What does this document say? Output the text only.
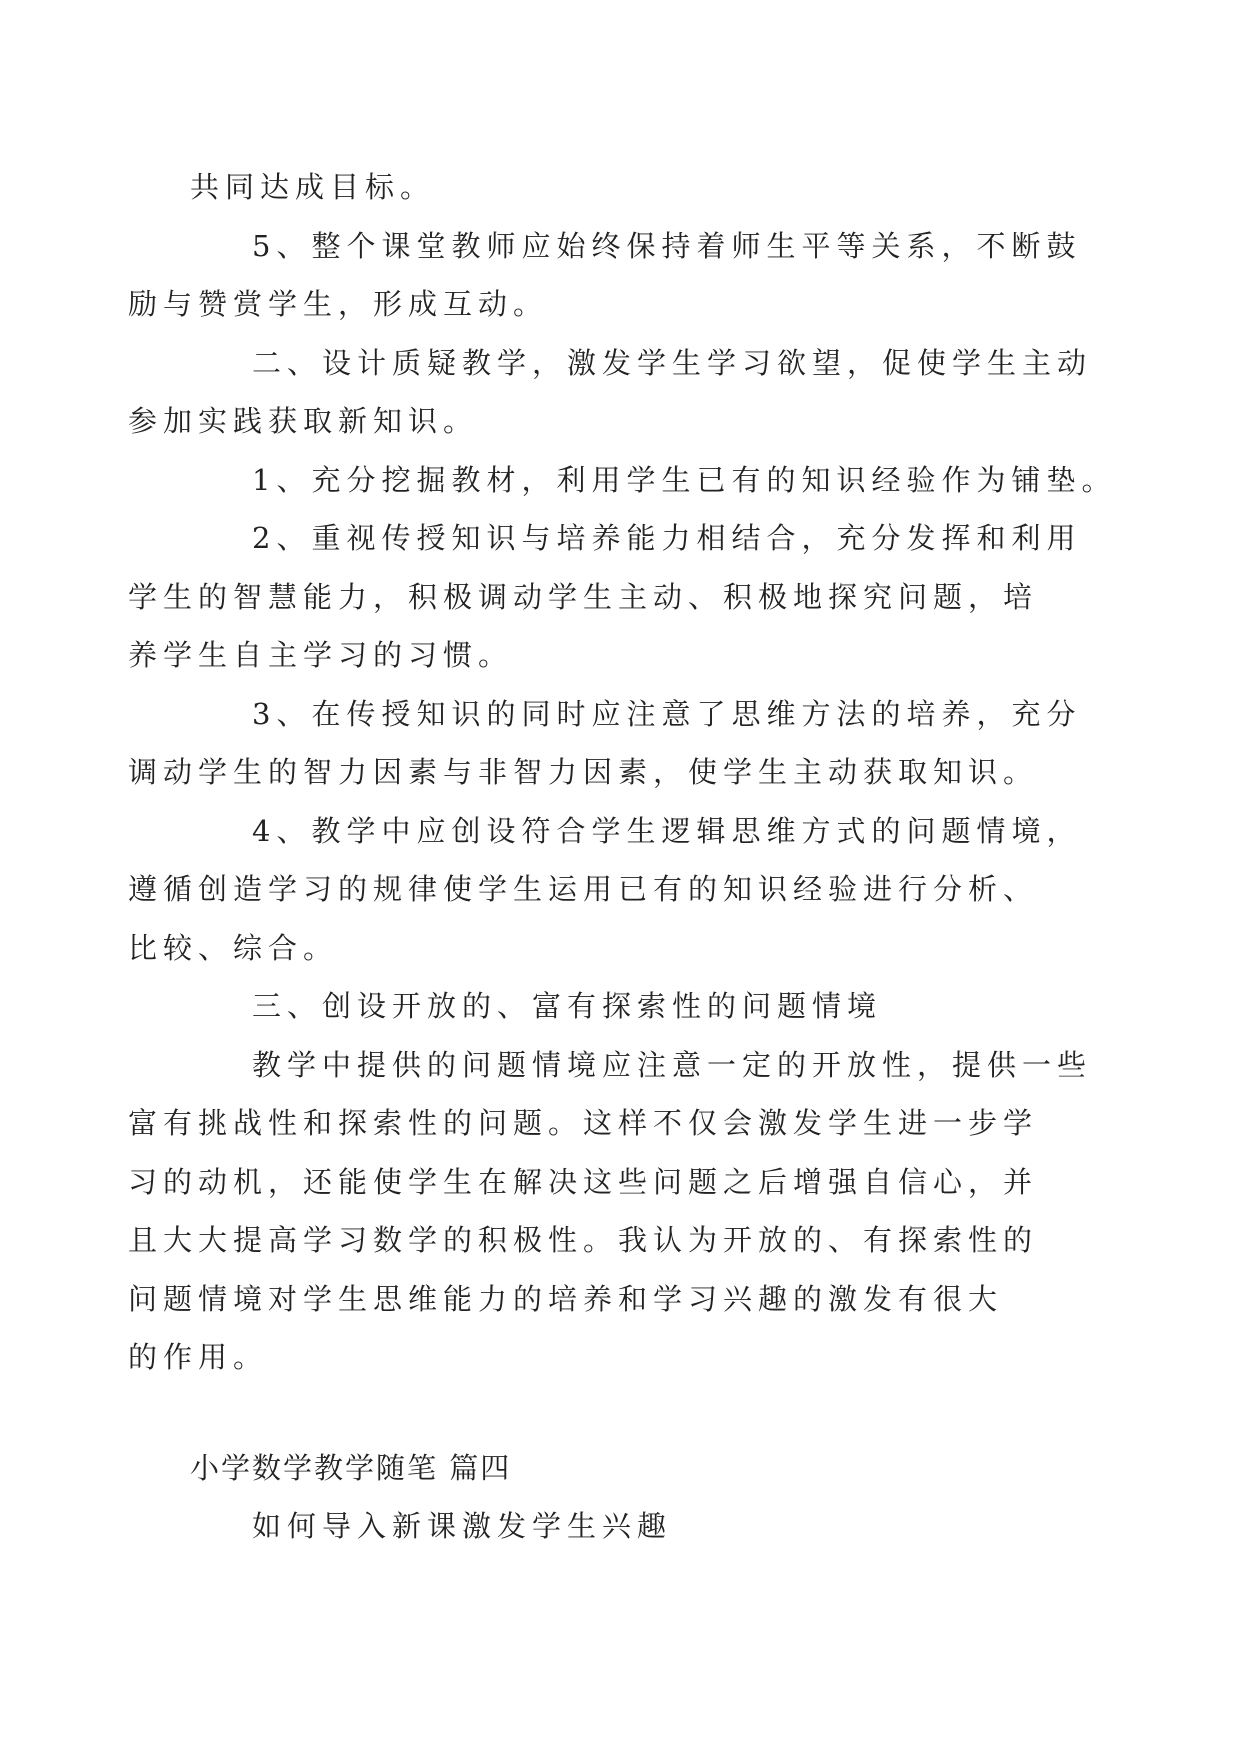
共同达成目标。

5、整个课堂教师应始终保持着师生平等关系，不断鼓
励与赞赏学生，形成互动。

二、设计质疑教学，激发学生学习欲望，促使学生主动
参加实践获取新知识。

1、充分挖掘教材，利用学生已有的知识经验作为铺垫。

2、重视传授知识与培养能力相结合，充分发挥和利用
学生的智慧能力，积极调动学生主动、积极地探究问题，培
养学生自主学习的习惯。

3、在传授知识的同时应注意了思维方法的培养，充分
调动学生的智力因素与非智力因素，使学生主动获取知识。

4、教学中应创设符合学生逻辑思维方式的问题情境，
遵循创造学习的规律使学生运用已有的知识经验进行分析、
比较、综合。

三、创设开放的、富有探索性的问题情境

教学中提供的问题情境应注意一定的开放性，提供一些
富有挑战性和探索性的问题。这样不仅会激发学生进一步学
习的动机，还能使学生在解决这些问题之后增强自信心，并
且大大提高学习数学的积极性。我认为开放的、有探索性的
问题情境对学生思维能力的培养和学习兴趣的激发有很大
的作用。

小学数学教学随笔 篇四

如何导入新课激发学生兴趣
